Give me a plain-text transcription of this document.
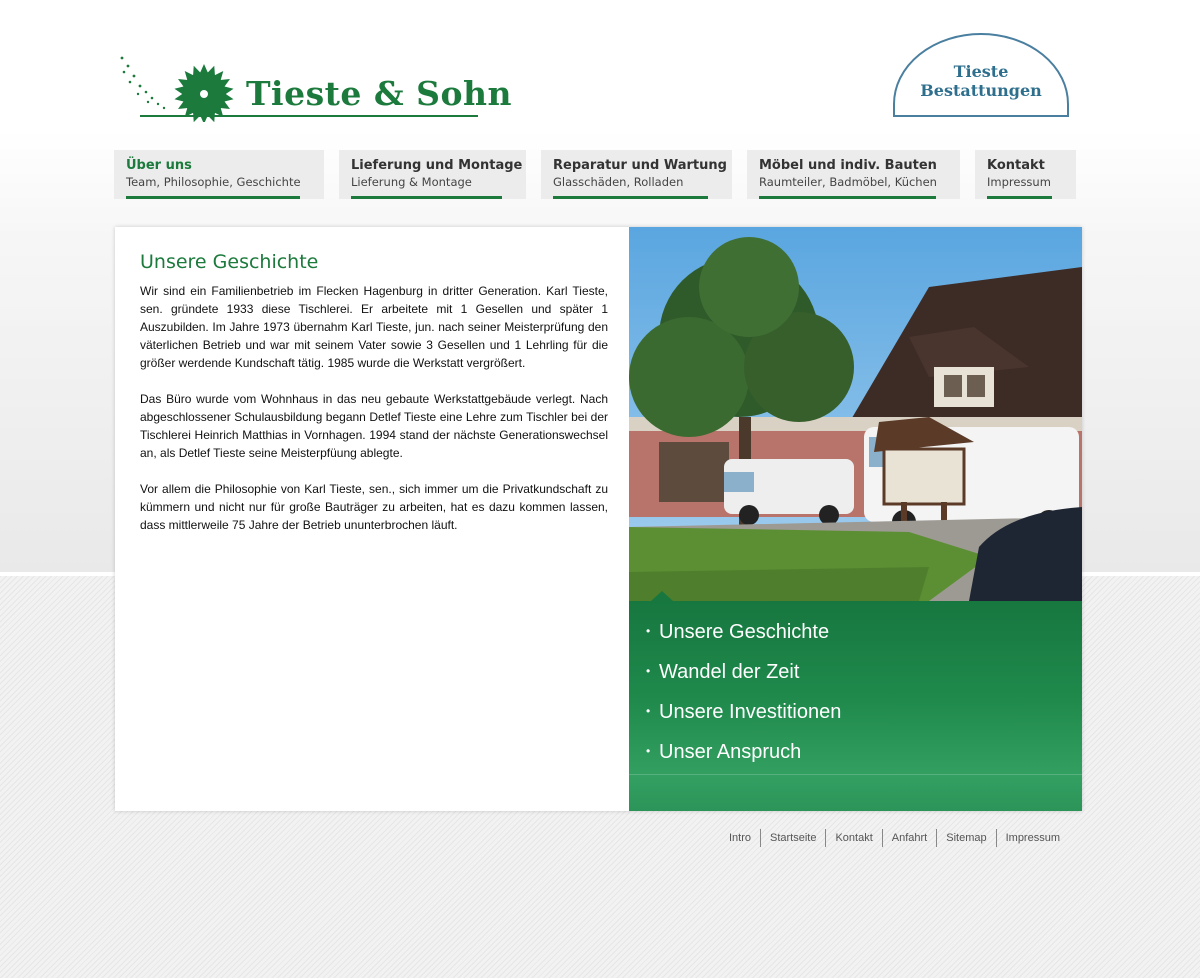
Tieste & Sohn
Tieste
Bestattungen
Über uns
Team, Philosophie, Geschichte
Lieferung und Montage
Lieferung & Montage
Reparatur und Wartung
Glasschäden, Rolladen
Möbel und indiv. Bauten
Raumteiler, Badmöbel, Küchen
Kontakt
Impressum
Unsere Geschichte

Wir sind ein Familienbetrieb im Flecken Hagenburg in dritter Generation. Karl Tieste, sen. gründete 1933 diese Tischlerei. Er arbeitete mit 1 Gesellen und später 1 Auszubilden. Im Jahre 1973 übernahm Karl Tieste, jun. nach seiner Meisterprüfung den väterlichen Betrieb und war mit seinem Vater sowie 3 Gesellen und 1 Lehrling für die größer werdende Kundschaft tätig. 1985 wurde die Werkstatt vergrößert.

Das Büro wurde vom Wohnhaus in das neu gebaute Werkstattgebäude verlegt. Nach abgeschlossener Schulausbildung begann Detlef Tieste eine Lehre zum Tischler bei der Tischlerei Heinrich Matthias in Vornhagen. 1994 stand der nächste Generationswechsel an, als Detlef Tieste seine Meisterpfüung ablegte.

Vor allem die Philosophie von Karl Tieste, sen., sich immer um die Privatkundschaft zu kümmern und nicht nur für große Bauträger zu arbeiten, hat es dazu kommen lassen, dass mittlerweile 75 Jahre der Betrieb ununterbrochen läuft.

• Unsere Geschichte
• Wandel der Zeit
• Unsere Investitionen
• Unser Anspruch
Intro	Startseite	Kontakt	Anfahrt	Sitemap	Impressum
